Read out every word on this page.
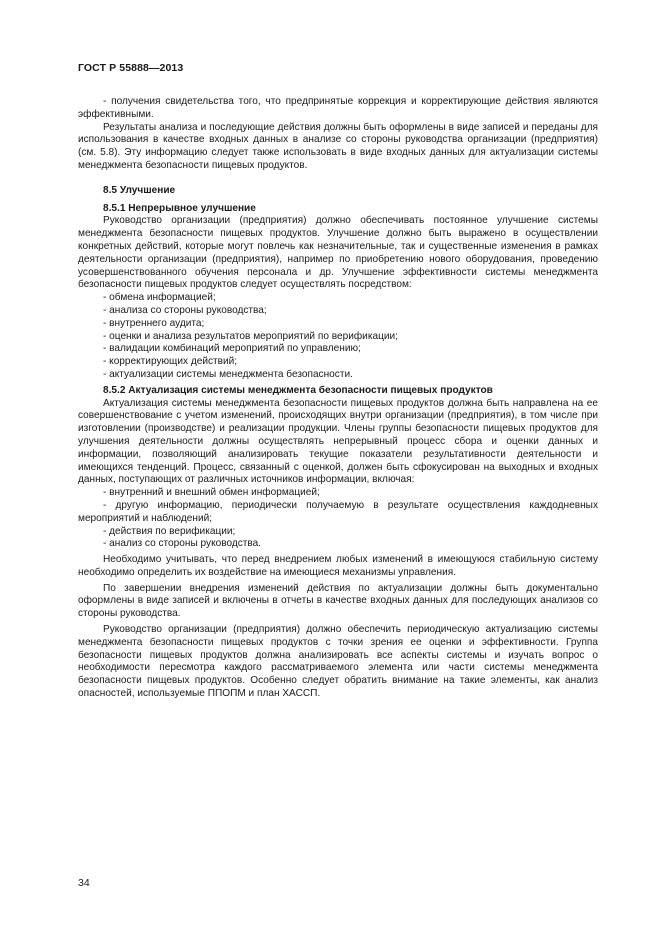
ГОСТ Р 55888—2013

- получения свидетельства того, что предпринятые коррекция и корректирующие действия являются эффективными.

Результаты анализа и последующие действия должны быть оформлены в виде записей и переданы для использования в качестве входных данных в анализе со стороны руководства организации (предприятия) (см. 5.8). Эту информацию следует также использовать в виде входных данных для актуализации системы менеджмента безопасности пищевых продуктов.

8.5 Улучшение
8.5.1 Непрерывное улучшение

Руководство организации (предприятия) должно обеспечивать постоянное улучшение системы менеджмента безопасности пищевых продуктов. Улучшение должно быть выражено в осуществлении конкретных действий, которые могут повлечь как незначительные, так и существенные изменения в рамках деятельности организации (предприятия), например по приобретению нового оборудования, проведению усовершенствованного обучения персонала и др. Улучшение эффективности системы менеджмента безопасности пищевых продуктов следует осуществлять посредством:

- обмена информацией;

- анализа со стороны руководства;

- внутреннего аудита;

- оценки и анализа результатов мероприятий по верификации;

- валидации комбинаций мероприятий по управлению;

- корректирующих действий;

- актуализации системы менеджмента безопасности.

8.5.2 Актуализация системы менеджмента безопасности пищевых продуктов

Актуализация системы менеджмента безопасности пищевых продуктов должна быть направлена на ее совершенствование с учетом изменений, происходящих внутри организации (предприятия), в том числе при изготовлении (производстве) и реализации продукции. Члены группы безопасности пищевых продуктов для улучшения деятельности должны осуществлять непрерывный процесс сбора и оценки данных и информации, позволяющий анализировать текущие показатели результативности деятельности и имеющихся тенденций. Процесс, связанный с оценкой, должен быть сфокусирован на выходных и входных данных, поступающих от различных источников информации, включая:

- внутренний и внешний обмен информацией;

- другую информацию, периодически получаемую в результате осуществления каждодневных мероприятий и наблюдений;

- действия по верификации;

- анализ со стороны руководства.

Необходимо учитывать, что перед внедрением любых изменений в имеющуюся стабильную систему необходимо определить их воздействие на имеющиеся механизмы управления.

По завершении внедрения изменений действия по актуализации должны быть документально оформлены в виде записей и включены в отчеты в качестве входных данных для последующих анализов со стороны руководства.

Руководство организации (предприятия) должно обеспечить периодическую актуализацию системы менеджмента безопасности пищевых продуктов с точки зрения ее оценки и эффективности. Группа безопасности пищевых продуктов должна анализировать все аспекты системы и изучать вопрос о необходимости пересмотра каждого рассматриваемого элемента или части системы менеджмента безопасности пищевых продуктов. Особенно следует обратить внимание на такие элементы, как анализ опасностей, используемые ППОПМ и план ХАССП.

34
